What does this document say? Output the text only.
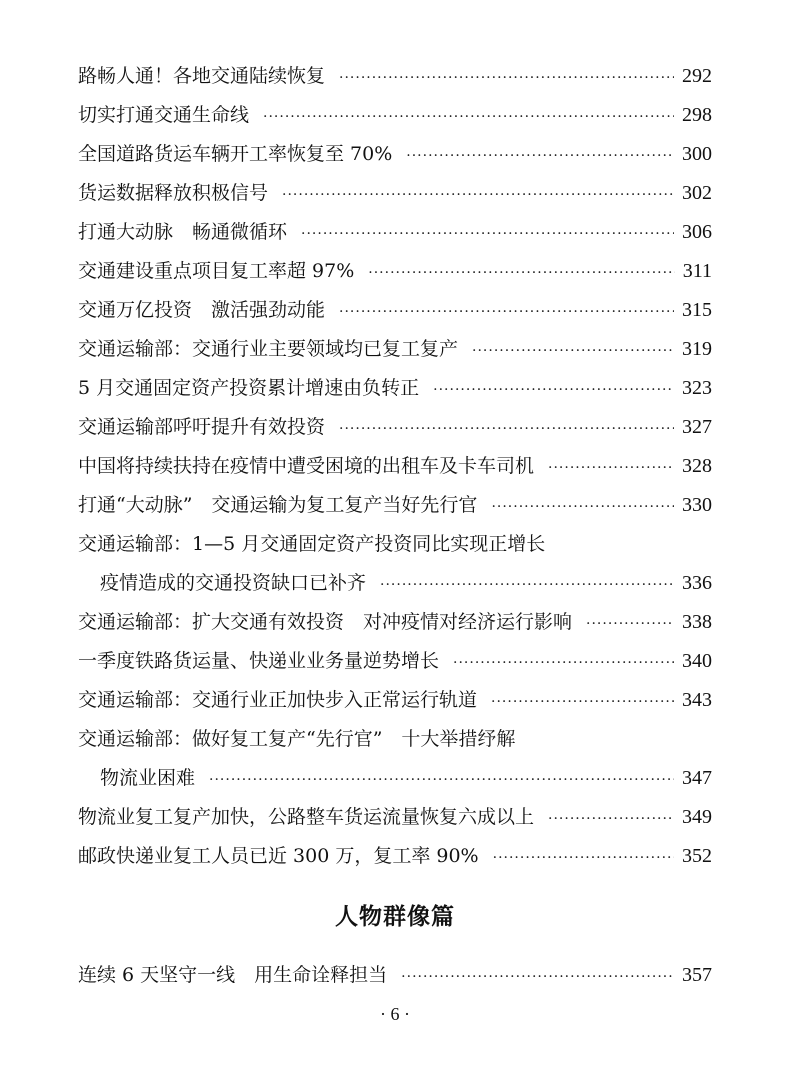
路畅人通！各地交通陆续恢复 ·····	292
切实打通交通生命线 ·····	298
全国道路货运车辆开工率恢复至 70% ·····	300
货运数据释放积极信号 ·····	302
打通大动脉　畅通微循环 ·····	306
交通建设重点项目复工率超 97% ·····	311
交通万亿投资　激活强劲动能 ·····	315
交通运输部：交通行业主要领域均已复工复产 ·····	319
5 月交通固定资产投资累计增速由负转正 ·····	323
交通运输部呼吁提升有效投资 ·····	327
中国将持续扶持在疫情中遭受困境的出租车及卡车司机 ·····	328
打通“大动脉”　交通运输为复工复产当好先行官 ·····	330
交通运输部：1—5 月交通固定资产投资同比实现正增长
疫情造成的交通投资缺口已补齐 ·····	336
交通运输部：扩大交通有效投资　对冲疫情对经济运行影响 ·····	338
一季度铁路货运量、快递业业务量逆势增长 ·····	340
交通运输部：交通行业正加快步入正常运行轨道 ·····	343
交通运输部：做好复工复产“先行官”　十大举措纾解
物流业困难 ·····	347
物流业复工复产加快，公路整车货运流量恢复六成以上 ·····	349
邮政快递业复工人员已近 300 万，复工率 90% ·····	352
人物群像篇
连续 6 天坚守一线　用生命诠释担当 ·····	357
· 6 ·
